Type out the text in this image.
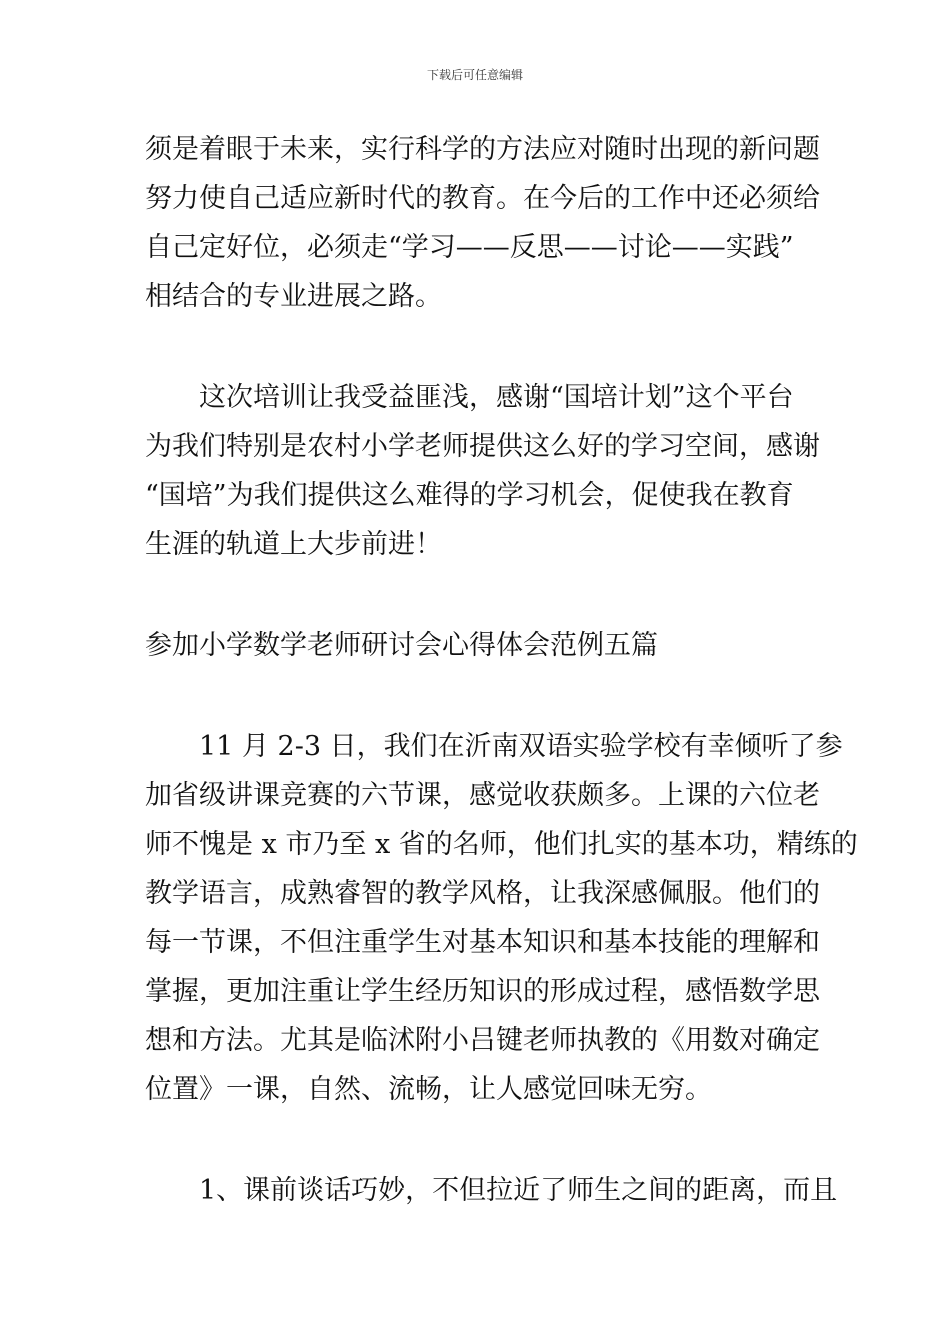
下载后可任意编辑
须是着眼于未来，实行科学的方法应对随时出现的新问题
努力使自己适应新时代的教育。在今后的工作中还必须给
自己定好位，必须走“学习——反思——讨论——实践”
相结合的专业进展之路。
　　这次培训让我受益匪浅，感谢“国培计划”这个平台
为我们特别是农村小学老师提供这么好的学习空间，感谢
“国培”为我们提供这么难得的学习机会，促使我在教育
生涯的轨道上大步前进！
参加小学数学老师研讨会心得体会范例五篇
　　11 月 2-3 日，我们在沂南双语实验学校有幸倾听了参
加省级讲课竞赛的六节课，感觉收获颇多。上课的六位老
师不愧是 x 市乃至 x 省的名师，他们扎实的基本功，精练的
教学语言，成熟睿智的教学风格，让我深感佩服。他们的
每一节课，不但注重学生对基本知识和基本技能的理解和
掌握，更加注重让学生经历知识的形成过程，感悟数学思
想和方法。尤其是临沭附小吕键老师执教的《用数对确定
位置》一课，自然、流畅，让人感觉回味无穷。
　　1、课前谈话巧妙，不但拉近了师生之间的距离，而且
